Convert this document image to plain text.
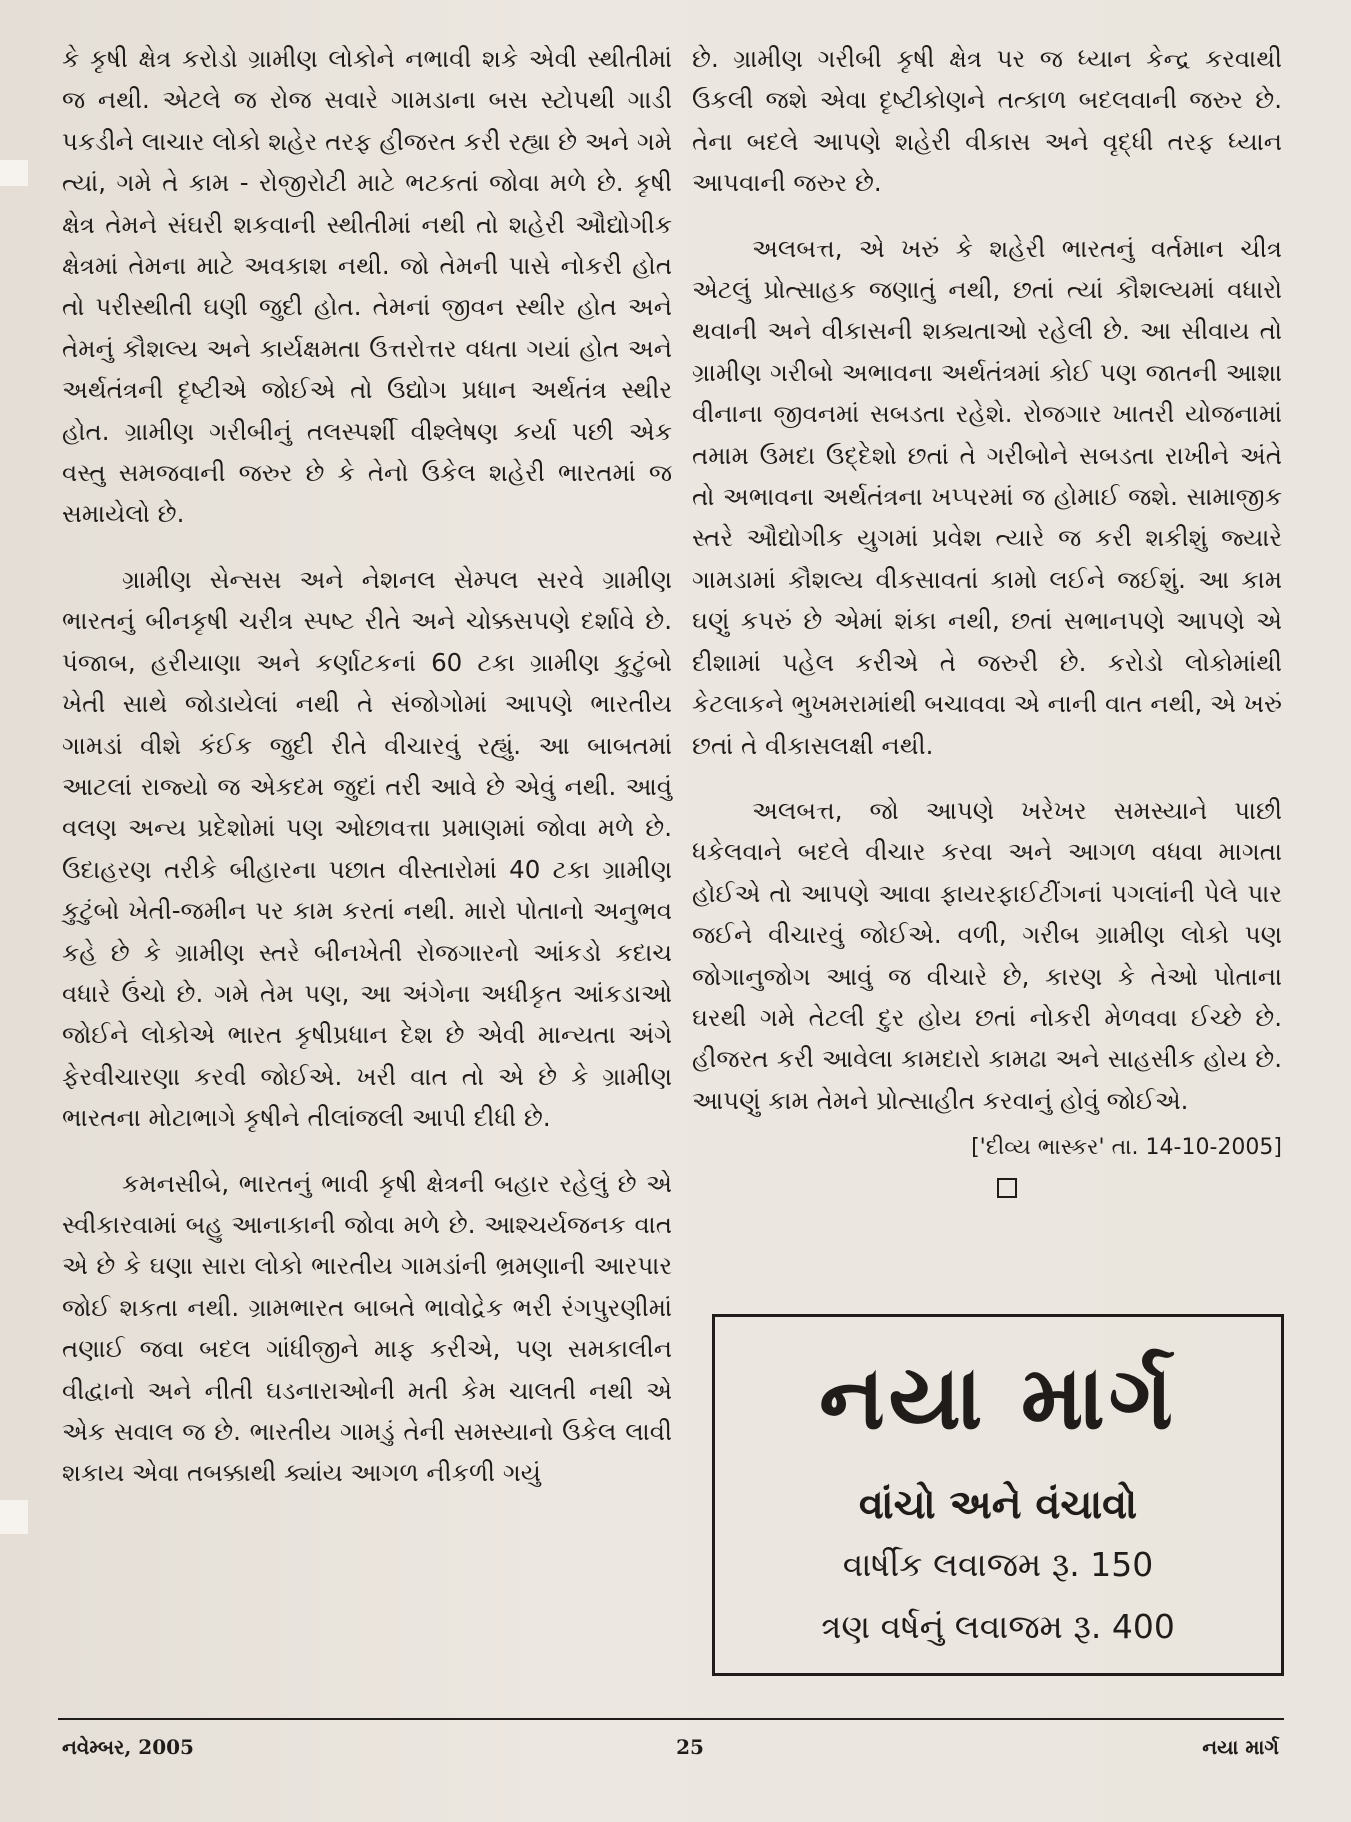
કે કૃષી ક્ષેત્ર કરોડો ગ્રામીણ લોકોને નભાવી શકે એવી સ્થીતીમાં જ નથી. એટલે જ રોજ સવારે ગામડાના બસ સ્ટોપથી ગાડી પકડીને લાચાર લોકો શહેર તરફ હીજરત કરી રહ્યા છે અને ગમે ત્યાં, ગમે તે કામ - રોજીરોટી માટે ભટકતાં જોવા મળે છે. કૃષી ક્ષેત્ર તેમને સંઘરી શકવાની સ્થીતીમાં નથી તો શહેરી ઔદ્યોગીક ક્ષેત્રમાં તેમના માટે અવકાશ નથી. જો તેમની પાસે નોકરી હોત તો પરીસ્થીતી ઘણી જુદી હોત. તેમનાં જીવન સ્થીર હોત અને તેમનું કૌશલ્ય અને કાર્યક્ષમતા ઉત્તરોત્તર વધતા ગયાં હોત અને અર્થતંત્રની દૃષ્ટીએ જોઈએ તો ઉદ્યોગ પ્રધાન અર્થતંત્ર સ્થીર હોત. ગ્રામીણ ગરીબીનું તલસ્પર્શી વીશ્લેષણ કર્યા પછી એક વસ્તુ સમજવાની જરુર છે કે તેનો ઉકેલ શહેરી ભારતમાં જ સમાયેલો છે.

ગ્રામીણ સેન્સસ અને નેશનલ સેમ્પલ સરવે ગ્રામીણ ભારતનું બીનકૃષી ચરીત્ર સ્પષ્ટ રીતે અને ચોક્કસપણે દર્શાવે છે. પંજાબ, હરીયાણા અને કર્ણાટકનાં 60 ટકા ગ્રામીણ કુટુંબો ખેતી સાથે જોડાયેલાં નથી તે સંજોગોમાં આપણે ભારતીય ગામડાં વીશે કંઈક જુદી રીતે વીચારવું રહ્યું. આ બાબતમાં આટલાં રાજ્યો જ એકદમ જુદાં તરી આવે છે એવું નથી. આવું વલણ અન્ય પ્રદેશોમાં પણ ઓછાવત્તા પ્રમાણમાં જોવા મળે છે. ઉદાહરણ તરીકે બીહારના પછાત વીસ્તારોમાં 40 ટકા ગ્રામીણ કુટુંબો ખેતી-જમીન પર કામ કરતાં નથી. મારો પોતાનો અનુભવ કહે છે કે ગ્રામીણ સ્તરે બીનખેતી રોજગારનો આંકડો કદાચ વધારે ઉંચો છે. ગમે તેમ પણ, આ અંગેના અધીકૃત આંકડાઓ જોઈને લોકોએ ભારત કૃષીપ્રધાન દેશ છે એવી માન્યતા અંગે ફેરવીચારણા કરવી જોઈએ. ખરી વાત તો એ છે કે ગ્રામીણ ભારતના મોટાભાગે કૃષીને તીલાંજલી આપી દીધી છે.

કમનસીબે, ભારતનું ભાવી કૃષી ક્ષેત્રની બહાર રહેલું છે એ સ્વીકારવામાં બહુ આનાકાની જોવા મળે છે. આશ્ચર્યજનક વાત એ છે કે ઘણા સારા લોકો ભારતીય ગામડાંની ભ્રમણાની આરપાર જોઈ શકતા નથી. ગ્રામભારત બાબતે ભાવોદ્રેક ભરી રંગપુરણીમાં તણાઈ જવા બદલ ગાંધીજીને માફ કરીએ, પણ સમકાલીન વીદ્વાનો અને નીતી ઘડનારાઓની મતી કેમ ચાલતી નથી એ એક સવાલ જ છે. ભારતીય ગામડું તેની સમસ્યાનો ઉકેલ લાવી શકાય એવા તબક્કાથી ક્યાંય આગળ નીકળી ગયું

છે. ગ્રામીણ ગરીબી કૃષી ક્ષેત્ર પર જ ધ્યાન કેન્દ્ર કરવાથી ઉકલી જશે એવા દૃષ્ટીકોણને તત્કાળ બદલવાની જરુર છે. તેના બદલે આપણે શહેરી વીકાસ અને વૃદ્ધી તરફ ધ્યાન આપવાની જરુર છે.

અલબત્ત, એ ખરું કે શહેરી ભારતનું વર્તમાન ચીત્ર એટલું પ્રોત્સાહક જણાતું નથી, છતાં ત્યાં કૌશલ્યમાં વધારો થવાની અને વીકાસની શક્યતાઓ રહેલી છે. આ સીવાય તો ગ્રામીણ ગરીબો અભાવના અર્થતંત્રમાં કોઈ પણ જાતની આશા વીનાના જીવનમાં સબડતા રહેશે. રોજગાર ખાતરી યોજનામાં તમામ ઉમદા ઉદ્દેશો છતાં તે ગરીબોને સબડતા રાખીને અંતે તો અભાવના અર્થતંત્રના ખપ્પરમાં જ હોમાઈ જશે. સામાજીક સ્તરે ઔદ્યોગીક યુગમાં પ્રવેશ ત્યારે જ કરી શકીશું જ્યારે ગામડામાં કૌશલ્ય વીકસાવતાં કામો લઈને જઈશું. આ કામ ઘણું કપરું છે એમાં શંકા નથી, છતાં સભાનપણે આપણે એ દીશામાં પહેલ કરીએ તે જરુરી છે. કરોડો લોકોમાંથી કેટલાકને ભુખમરામાંથી બચાવવા એ નાની વાત નથી, એ ખરું છતાં તે વીકાસલક્ષી નથી.

અલબત્ત, જો આપણે ખરેખર સમસ્યાને પાછી ધકેલવાને બદલે વીચાર કરવા અને આગળ વધવા માગતા હોઈએ તો આપણે આવા ફાયરફાઈટીંગનાં પગલાંની પેલે પાર જઈને વીચારવું જોઈએ. વળી, ગરીબ ગ્રામીણ લોકો પણ જોગાનુજોગ આવું જ વીચારે છે, કારણ કે તેઓ પોતાના ઘરથી ગમે તેટલી દુર હોય છતાં નોકરી મેળવવા ઈચ્છે છે. હીજરત કરી આવેલા કામદારો કામઢા અને સાહસીક હોય છે. આપણું કામ તેમને પ્રોત્સાહીત કરવાનું હોવું જોઈએ.

['દીવ્ય ભાસ્કર' તા. 14-10-2005]
નયા માર્ગ
વાંચો અને વંચાવો
વાર્ષીક લવાજમ રૂ. 150
ત્રણ વર્ષનું લવાજમ રૂ. 400
નવેમ્બર, 2005	25	નયા માર્ગ
